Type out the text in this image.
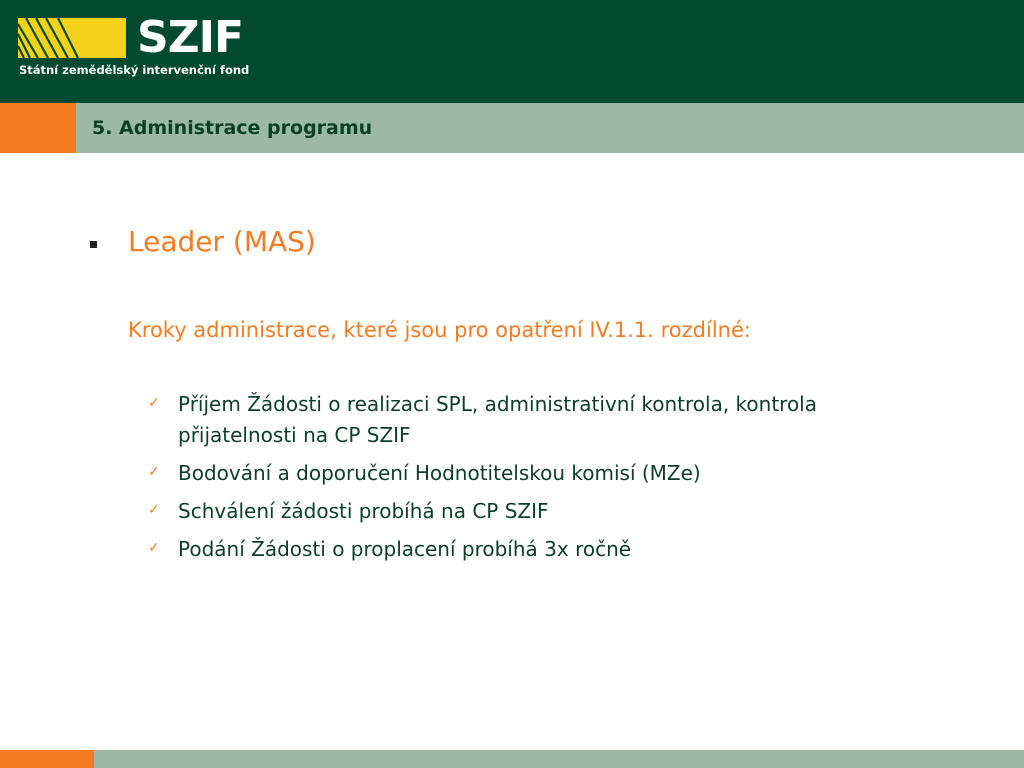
SZIF
Státní zemědělský intervenční fond
5. Administrace programu
Leader (MAS)
Kroky administrace, které jsou pro opatření IV.1.1. rozdílné:
✓ Příjem Žádosti o realizaci SPL, administrativní kontrola, kontrola přijatelnosti na CP SZIF
✓ Bodování a doporučení Hodnotitelskou komisí (MZe)
✓ Schválení žádosti probíhá na CP SZIF
✓ Podání Žádosti o proplacení probíhá 3x ročně
